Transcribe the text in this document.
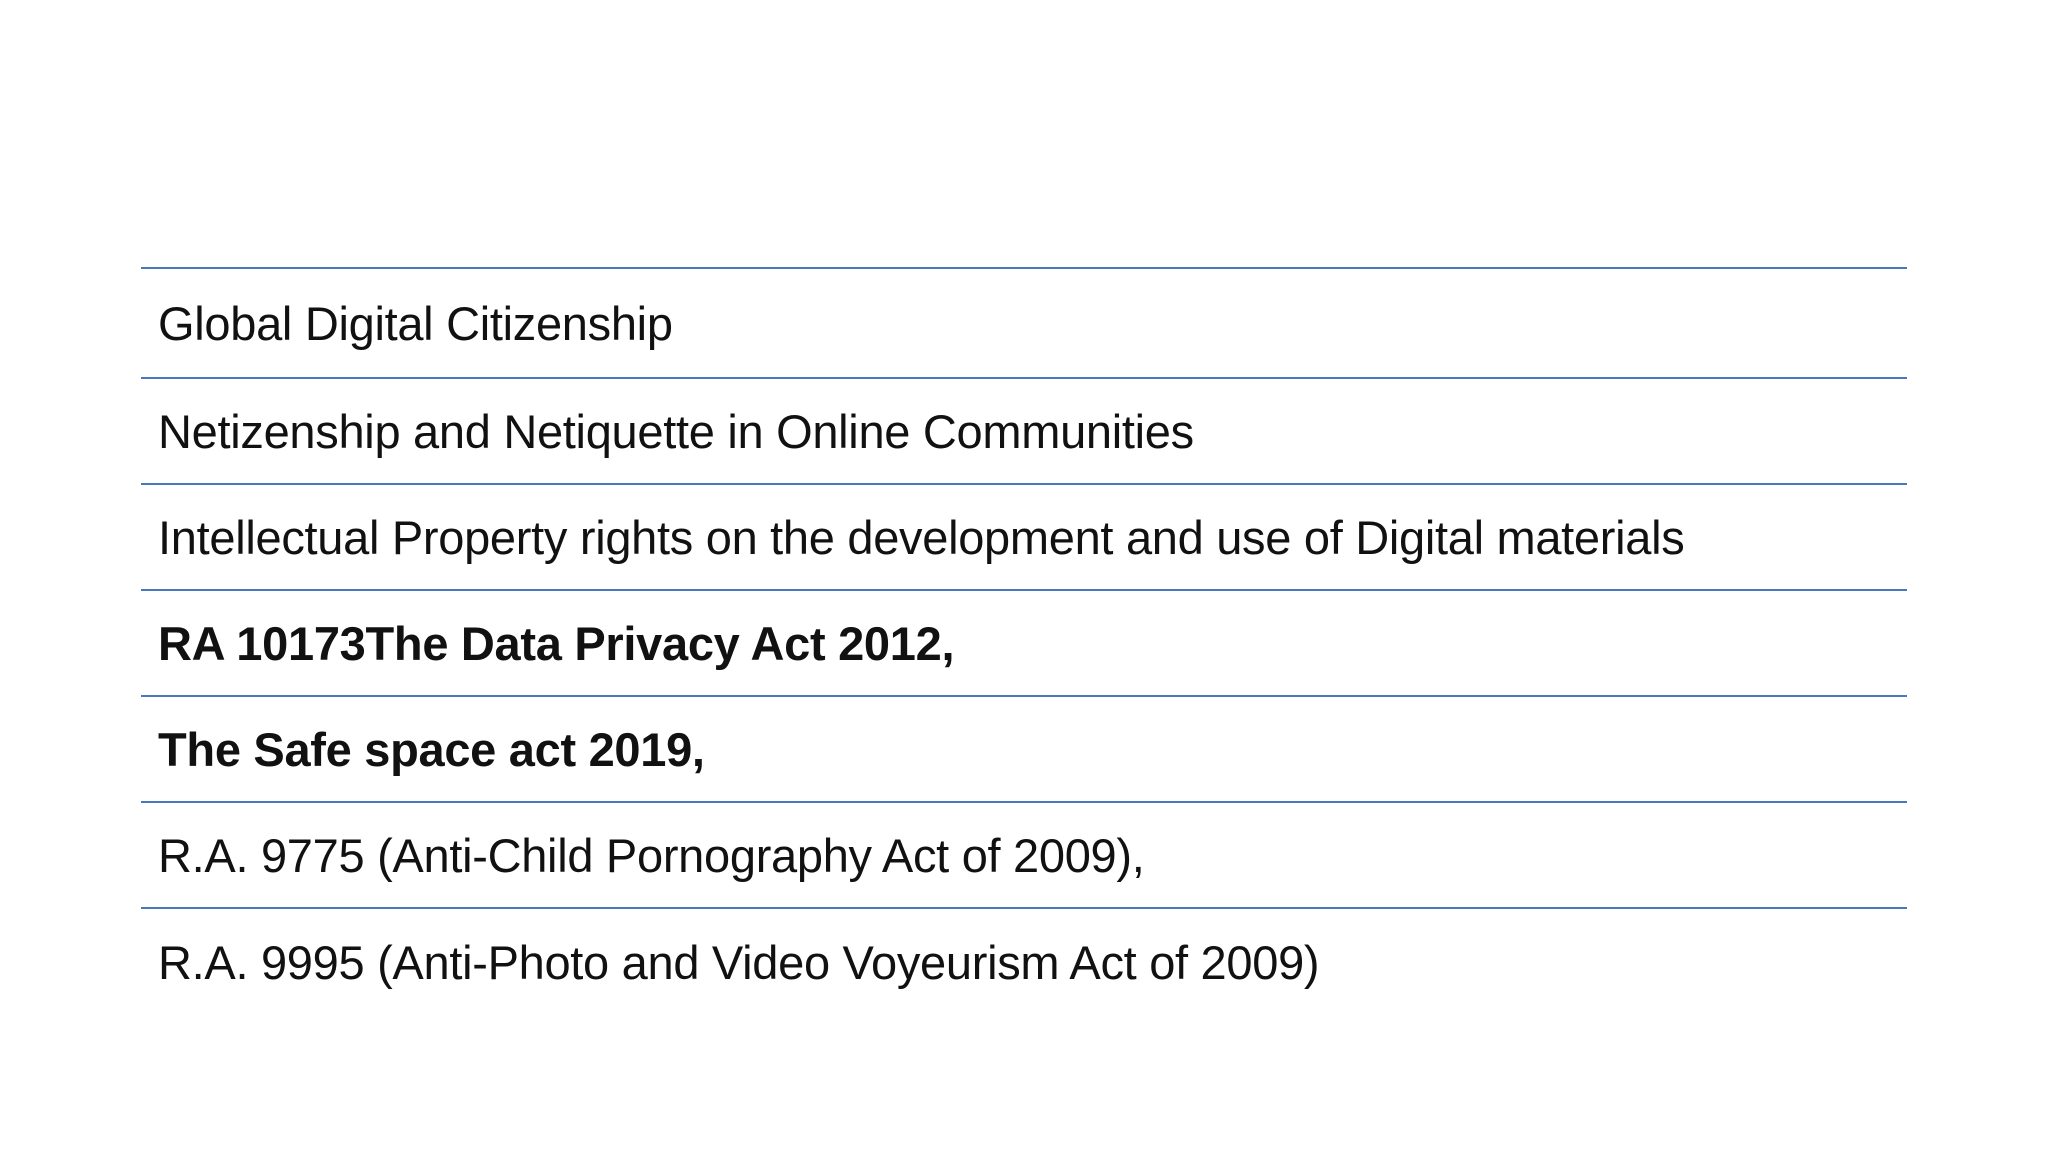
Global Digital Citizenship
Netizenship and Netiquette in Online Communities
Intellectual Property rights on the development and use of Digital materials
RA 10173The Data Privacy Act 2012,
The Safe space act 2019,
R.A. 9775 (Anti-Child Pornography Act of 2009),
R.A. 9995 (Anti-Photo and Video Voyeurism Act of 2009)
